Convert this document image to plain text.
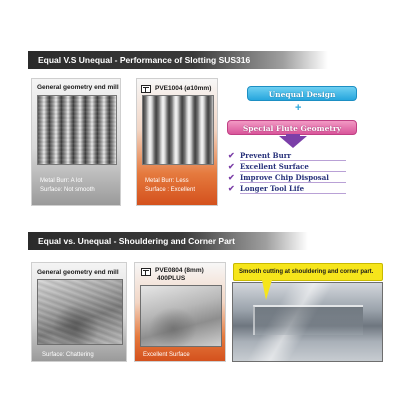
Equal V.S Unequal - Performance of Slotting SUS316
General geometry end mill
Metal Burr: A lot
Surface: Not smooth
PVE1004 (ø10mm)
Metal Burr: Less
Surface : Excellent
Unequal Design
+
Special Flute Geometry
✔ Prevent Burr
✔ Excellent Surface
✔ Improve Chip Disposal
✔ Longer Tool Life
Equal vs. Unequal - Shouldering and Corner Part
General geometry end mill
Surface: Chattering
PVE0804 (8mm)
400PLUS
Excellent Surface
Smooth cutting at shouldering and corner part.
